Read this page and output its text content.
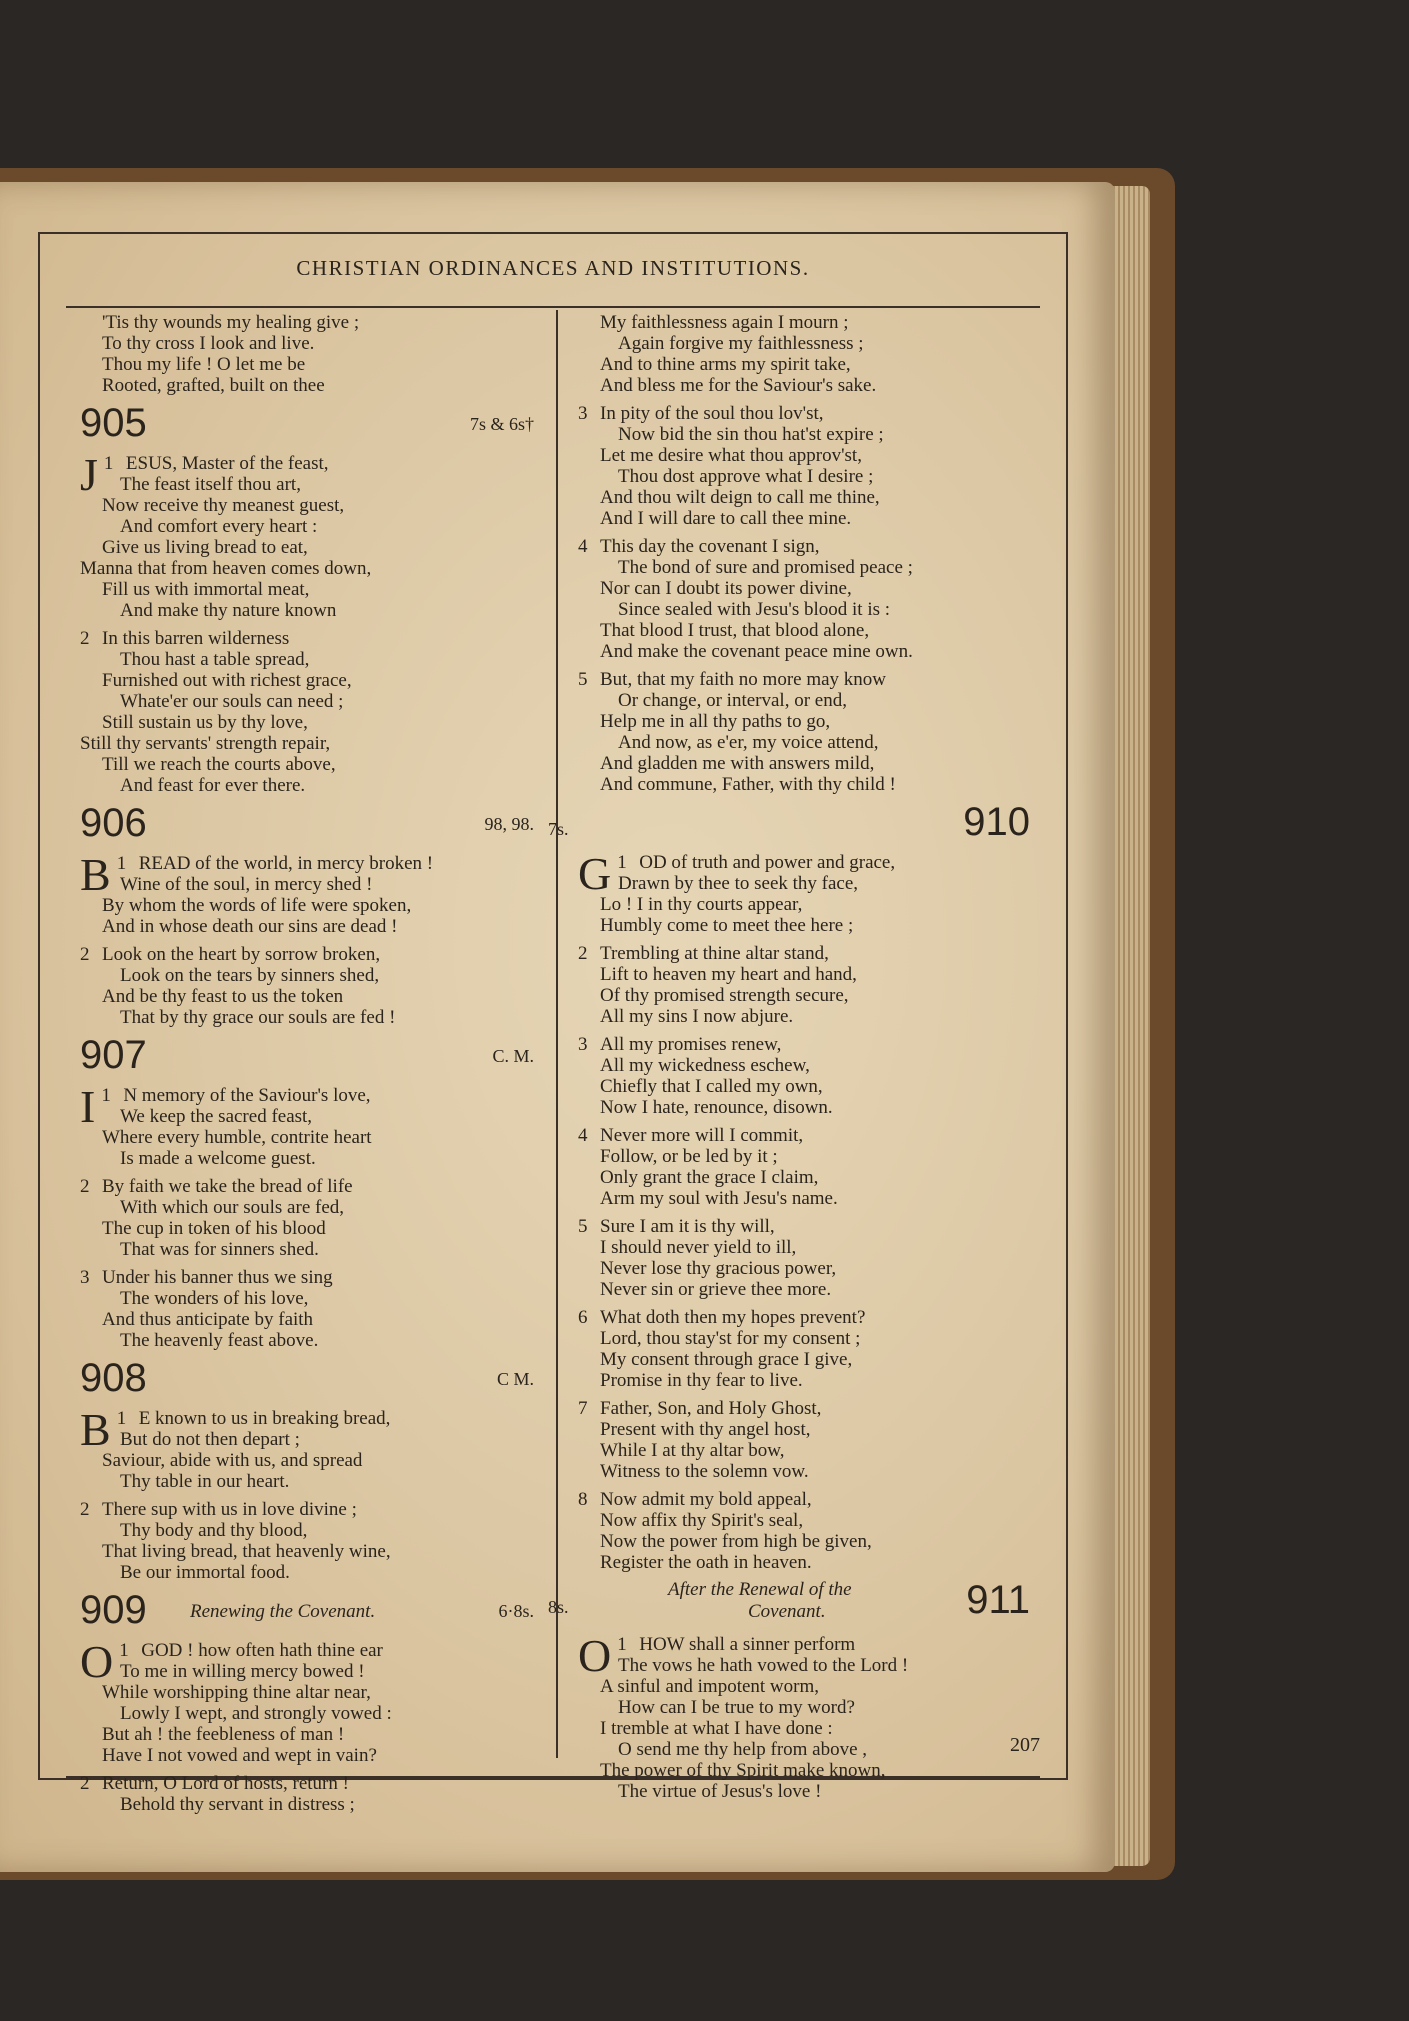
CHRISTIAN ORDINANCES AND INSTITUTIONS.
'Tis thy wounds my healing give ;
To thy cross I look and live.
Thou my life ! O let me be
Rooted, grafted, built on thee
905	7s & 6s†
1
J ESUS, Master of the feast,
The feast itself thou art,
Now receive thy meanest guest,
And comfort every heart :
Give us living bread to eat,
Manna that from heaven comes down,
Fill us with immortal meat,
And make thy nature known
2 In this barren wilderness
Thou hast a table spread,
Furnished out with richest grace,
Whate'er our souls can need ;
Still sustain us by thy love,
Still thy servants' strength repair,
Till we reach the courts above,
And feast for ever there.
906	98, 98.
1
B READ of the world, in mercy broken !
Wine of the soul, in mercy shed !
By whom the words of life were spoken,
And in whose death our sins are dead !
2 Look on the heart by sorrow broken,
Look on the tears by sinners shed,
And be thy feast to us the token
That by thy grace our souls are fed !
907	C. M.
1
I N memory of the Saviour's love,
We keep the sacred feast,
Where every humble, contrite heart
Is made a welcome guest.
2 By faith we take the bread of life
With which our souls are fed,
The cup in token of his blood
That was for sinners shed.
3 Under his banner thus we sing
The wonders of his love,
And thus anticipate by faith
The heavenly feast above.
908	C M.
1
B E known to us in breaking bread,
But do not then depart ;
Saviour, abide with us, and spread
Thy table in our heart.
2 There sup with us in love divine ;
Thy body and thy blood,
That living bread, that heavenly wine,
Be our immortal food.
909 Renewing the Covenant.	6·8s.
1
O GOD ! how often hath thine ear
To me in willing mercy bowed !
While worshipping thine altar near,
Lowly I wept, and strongly vowed :
But ah ! the feebleness of man !
Have I not vowed and wept in vain?
2 Return, O Lord of hosts, return !
Behold thy servant in distress ;
My faithlessness again I mourn ;
Again forgive my faithlessness ;
And to thine arms my spirit take,
And bless me for the Saviour's sake.
3 In pity of the soul thou lov'st,
Now bid the sin thou hat'st expire ;
Let me desire what thou approv'st,
Thou dost approve what I desire ;
And thou wilt deign to call me thine,
And I will dare to call thee mine.
4 This day the covenant I sign,
The bond of sure and promised peace ;
Nor can I doubt its power divine,
Since sealed with Jesu's blood it is :
That blood I trust, that blood alone,
And make the covenant peace mine own.
5 But, that my faith no more may know
Or change, or interval, or end,
Help me in all thy paths to go,
And now, as e'er, my voice attend,
And gladden me with answers mild,
And commune, Father, with thy child !
7s.	910
1
G OD of truth and power and grace,
Drawn by thee to seek thy face,
Lo ! I in thy courts appear,
Humbly come to meet thee here ;
2 Trembling at thine altar stand,
Lift to heaven my heart and hand,
Of thy promised strength secure,
All my sins I now abjure.
3 All my promises renew,
All my wickedness eschew,
Chiefly that I called my own,
Now I hate, renounce, disown.
4 Never more will I commit,
Follow, or be led by it ;
Only grant the grace I claim,
Arm my soul with Jesu's name.
5 Sure I am it is thy will,
I should never yield to ill,
Never lose thy gracious power,
Never sin or grieve thee more.
6 What doth then my hopes prevent?
Lord, thou stay'st for my consent ;
My consent through grace I give,
Promise in thy fear to live.
7 Father, Son, and Holy Ghost,
Present with thy angel host,
While I at thy altar bow,
Witness to the solemn vow.
8 Now admit my bold appeal,
Now affix thy Spirit's seal,
Now the power from high be given,
Register the oath in heaven.
8s.
After the Renewal of the
Covenant.	911
1
O HOW shall a sinner perform
The vows he hath vowed to the Lord !
A sinful and impotent worm,
How can I be true to my word?
I tremble at what I have done :
O send me thy help from above ,
The power of thy Spirit make known,
The virtue of Jesus's love !
207
